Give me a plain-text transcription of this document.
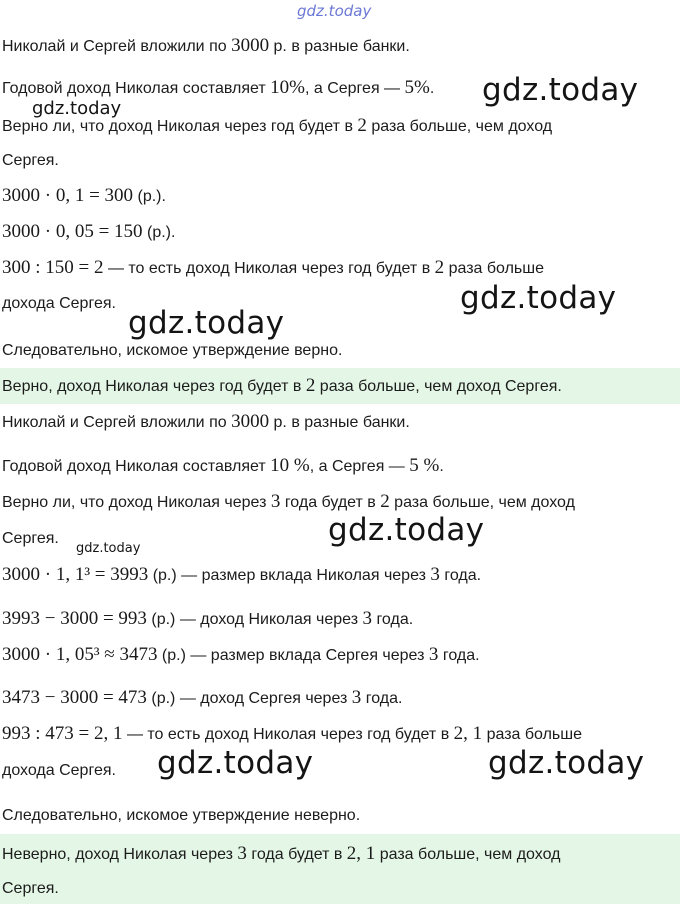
Николай и Сергей вложили по 3000 р. в разные банки.
Годовой доход Николая составляет 10%, а Сергея — 5%.
Верно ли, что доход Николая через год будет в 2 раза больше, чем доход
Сергея.
3000 · 0, 1 = 300 (р.).
3000 · 0, 05 = 150 (р.).
300 : 150 = 2 — то есть доход Николая через год будет в 2 раза больше
дохода Сергея.
Следовательно, искомое утверждение верно.
Верно, доход Николая через год будет в 2 раза больше, чем доход Сергея.
Николай и Сергей вложили по 3000 р. в разные банки.
Годовой доход Николая составляет 10 %, а Сергея — 5 %.
Верно ли, что доход Николая через 3 года будет в 2 раза больше, чем доход
Сергея.
3000 · 1, 1³ = 3993 (р.) — размер вклада Николая через 3 года.
3993 − 3000 = 993 (р.) — доход Николая через 3 года.
3000 · 1, 05³ ≈ 3473 (р.) — размер вклада Сергея через 3 года.
3473 − 3000 = 473 (р.) — доход Сергея через 3 года.
993 : 473 = 2, 1 — то есть доход Николая через год будет в 2, 1 раза больше
дохода Сергея.
Следовательно, искомое утверждение неверно.
Неверно, доход Николая через 3 года будет в 2, 1 раза больше, чем доход
Сергея.
gdz.today
gdz.today
gdz.today
gdz.today
gdz.today
gdz.today
gdz.today
gdz.today	gdz.today
